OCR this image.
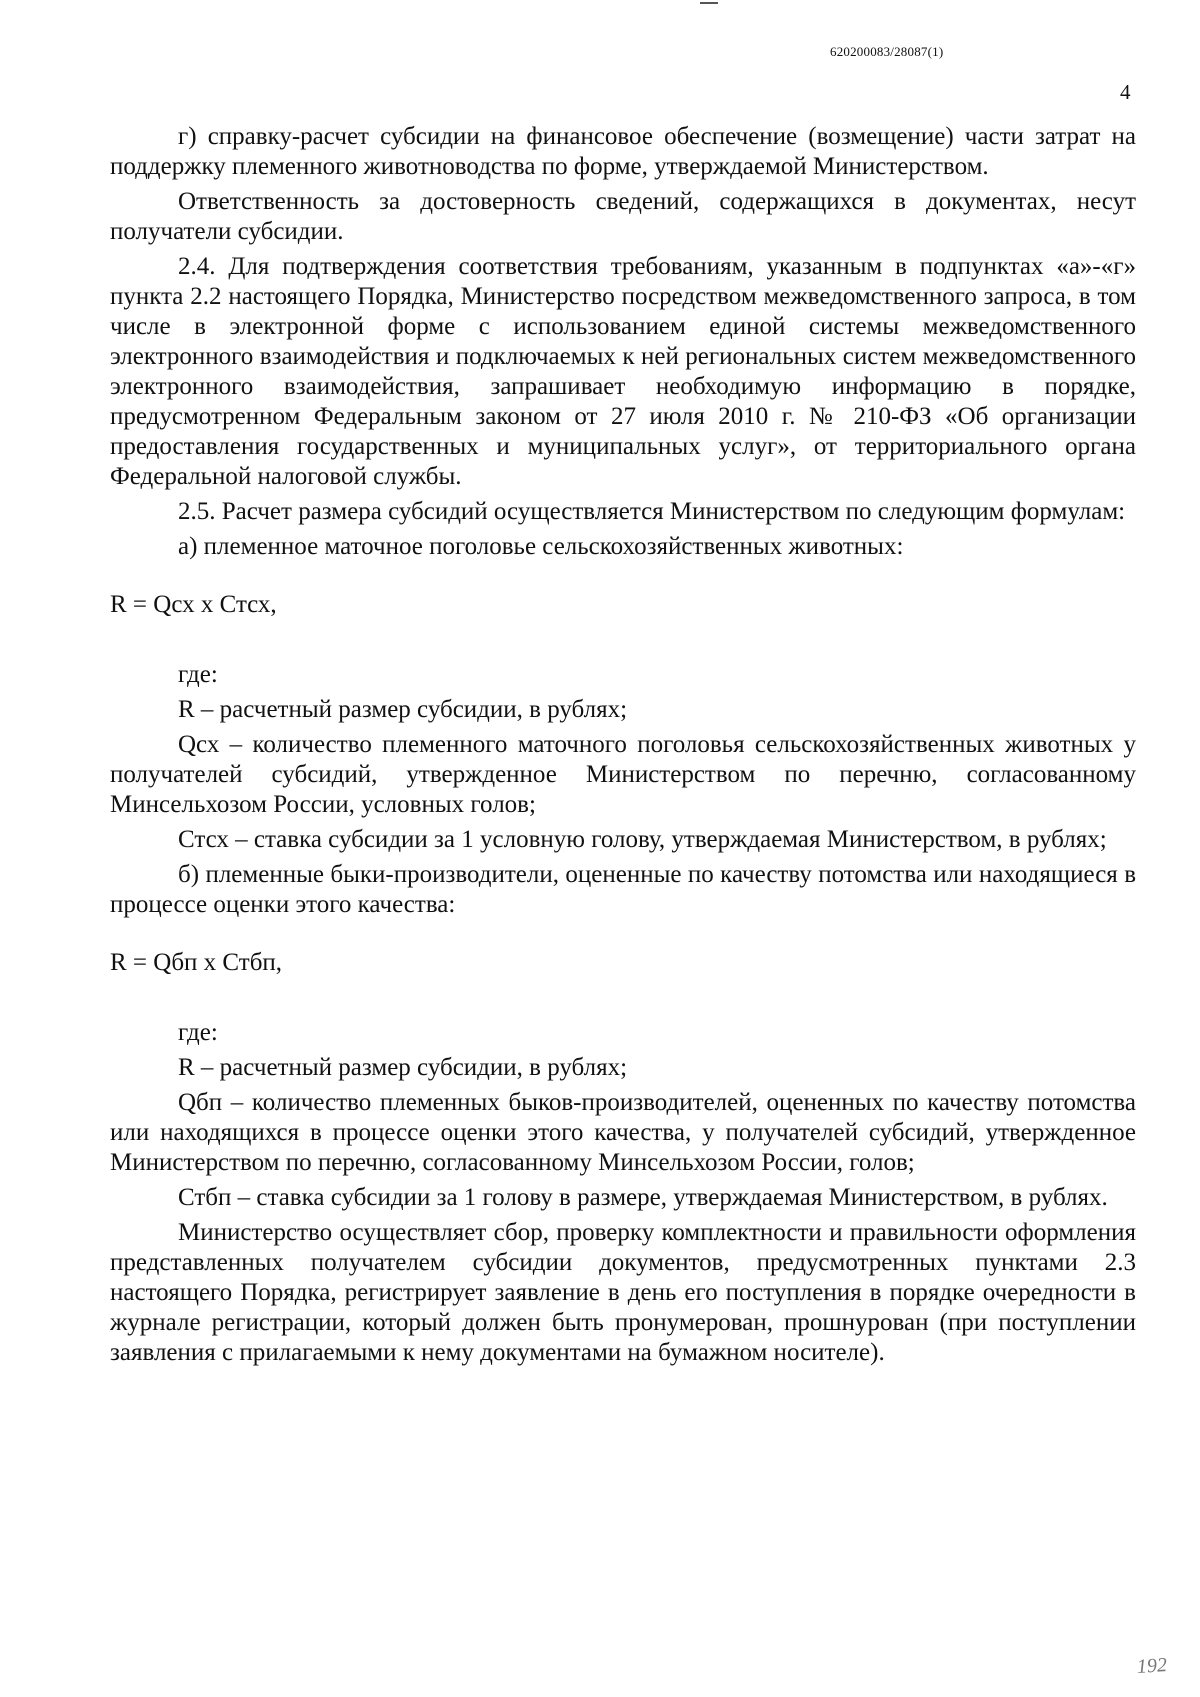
620200083/28087(1)
4

г) справку-расчет субсидии на финансовое обеспечение (возмещение) части затрат на поддержку племенного животноводства по форме, утверждаемой Министерством.

Ответственность за достоверность сведений, содержащихся в документах, несут получатели субсидии.

2.4. Для подтверждения соответствия требованиям, указанным в подпунктах «а»-«г» пункта 2.2 настоящего Порядка, Министерство посредством межведомственного запроса, в том числе в электронной форме с использованием единой системы межведомственного электронного взаимодействия и подключаемых к ней региональных систем межведомственного электронного взаимодействия, запрашивает необходимую информацию в порядке, предусмотренном Федеральным законом от 27 июля 2010 г. № 210-ФЗ «Об организации предоставления государственных и муниципальных услуг», от территориального органа Федеральной налоговой службы.

2.5. Расчет размера субсидий осуществляется Министерством по следующим формулам:

а) племенное маточное поголовье сельскохозяйственных животных:

R = Qсх х Стсх,

где:

R – расчетный размер субсидии, в рублях;

Qсх – количество племенного маточного поголовья сельскохозяйственных животных у получателей субсидий, утвержденное Министерством по перечню, согласованному Минсельхозом России, условных голов;

Стсх – ставка субсидии за 1 условную голову, утверждаемая Министерством, в рублях;

б) племенные быки-производители, оцененные по качеству потомства или находящиеся в процессе оценки этого качества:

R = Qбп х Стбп,

где:

R – расчетный размер субсидии, в рублях;

Qбп – количество племенных быков-производителей, оцененных по качеству потомства или находящихся в процессе оценки этого качества, у получателей субсидий, утвержденное Министерством по перечню, согласованному Минсельхозом России, голов;

Стбп – ставка субсидии за 1 голову в размере, утверждаемая Министерством, в рублях.

Министерство осуществляет сбор, проверку комплектности и правильности оформления представленных получателем субсидии документов, предусмотренных пунктами 2.3 настоящего Порядка, регистрирует заявление в день его поступления в порядке очередности в журнале регистрации, который должен быть пронумерован, прошнурован (при поступлении заявления с прилагаемыми к нему документами на бумажном носителе).

192
